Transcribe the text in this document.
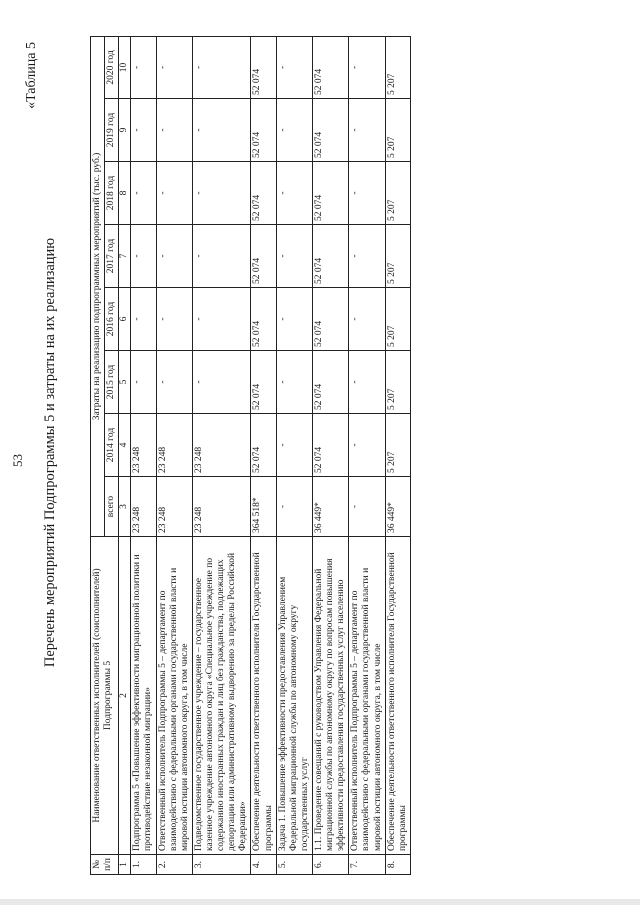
53
«Таблица 5
Перечень мероприятий Подпрограммы 5 и затраты на их реализацию
№ п/п	Наименование ответственных исполнителей (соисполнителей) Подпрограммы 5	Затраты на реализацию подпрограммных мероприятий (тыс. руб.)							
		всего	2014 год	2015 год	2016 год	2017 год	2018 год	2019 год	2020 год
1	2	3	4	5	6	7	8	9	10
1.	Подпрограмма 5 «Повышение эффективности миграционной политики и противодействие незаконной миграции»	23 248	23 248	-	-	-	-	-	-
2.	Ответственный исполнитель Подпрограммы 5 – департамент по взаимодействию с федеральными органами государственной власти и мировой юстиции автономного округа, в том числе	23 248	23 248	-	-	-	-	-	-
3.	Подведомственное государственное учреждение – государственное казенное учреждение автономного округа «Специальное учреждение по содержанию иностранных граждан и лиц без гражданства, подлежащих депортации или административному выдворению за пределы Российской Федерации»	23 248	23 248	-	-	-	-	-	-
4.	Обеспечение деятельности ответственного исполнителя Государственной программы	364 518*	52 074	52 074	52 074	52 074	52 074	52 074	52 074
5.	Задача 1. Повышение эффективности предоставления Управлением Федеральной миграционной службы по автономному округу государственных услуг	-	-	-	-	-	-	-	-
6.	1.1. Проведение совещаний с руководством Управления Федеральной миграционной службы по автономному округу по вопросам повышения эффективности предоставления государственных услуг населению	36 449*	52 074	52 074	52 074	52 074	52 074	52 074	52 074
7.	Ответственный исполнитель Подпрограммы 5 – департамент по взаимодействию с федеральными органами государственной власти и мировой юстиции автономного округа, в том числе	-	-	-	-	-	-	-	-
8.	Обеспечение деятельности ответственного исполнителя Государственной программы	36 449*	5 207	5 207	5 207	5 207	5 207	5 207	5 207
